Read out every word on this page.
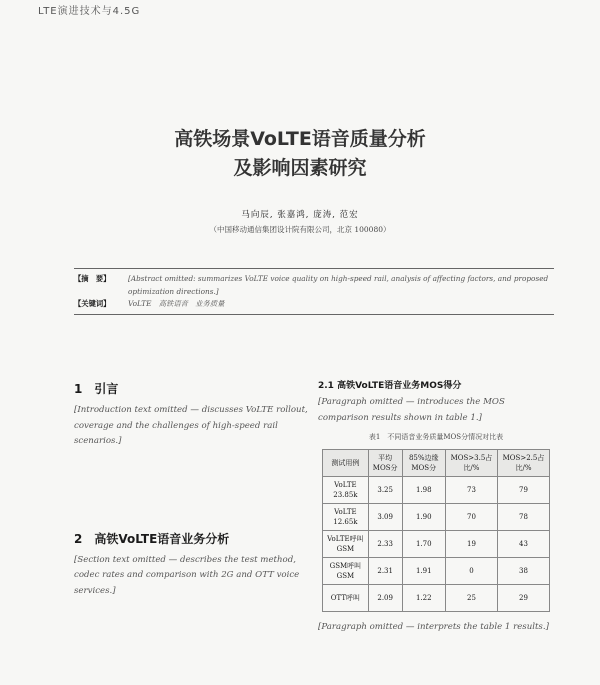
LTE演进技术与4.5G
高铁场景VoLTE语音质量分析
及影响因素研究
马向辰, 张嘉鸿, 庞涛, 范宏
（中国移动通信集团设计院有限公司，北京 100080）
【摘　要】	[Abstract omitted: summarizes VoLTE voice quality on high-speed rail, analysis of affecting factors, and proposed optimization directions.]
【关键词】	VoLTE　高铁语音　业务质量
1　引言
[Introduction text omitted — discusses VoLTE rollout, coverage and the challenges of high-speed rail scenarios.]
2　高铁VoLTE语音业务分析
[Section text omitted — describes the test method, codec rates and comparison with 2G and OTT voice services.]
2.1 高铁VoLTE语音业务MOS得分
[Paragraph omitted — introduces the MOS comparison results shown in table 1.]
表1　不同语音业务质量MOS分情况对比表
测试用例	平均MOS分	85%边缘MOS分	MOS>3.5占比/%	MOS>2.5占比/%
VoLTE 23.85k	3.25	1.98	73	79
VoLTE 12.65k	3.09	1.90	70	78
VoLTE呼叫GSM	2.33	1.70	19	43
GSM呼叫GSM	2.31	1.91	0	38
OTT呼叫	2.09	1.22	25	29
[Paragraph omitted — interprets the table 1 results.]
